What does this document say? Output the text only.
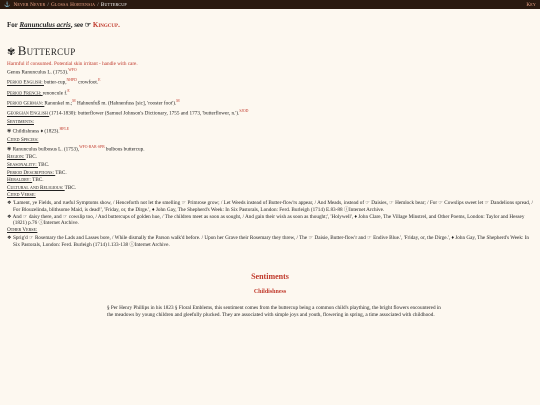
⚓ Never Never / Glossa Hortensia / Buttercup	Key
For Ranunculus acris, see ☞ Kingcup.
✾ Buttercup
Harmful if consumed. Potential skin irritant - handle with care.
Genus Ranunculus L. (1753).$^{WFO}$
Period English: butter-cup,$^{NHPD}$ crowfoot.$^E$
Period French: renoncule f.$^E$
Period German: Ranunkel m.;$^M$ Hahnenfuß m. (Hahnenfuss [sic], 'rooster foot').$^M$
Georgian English (1714-1830): butterflower (Samuel Johnson's Dictionary, 1755 and 1773, 'butterflower, n.').$^{SJOD}$
Sentiments:
✾ Childishness ♦ (1823).$^{HFLE}$
Cited Species:
✾ Ranunculus bulbosus L. (1753),$^{WFO\cdot BAB\cdot SPB}$ bulbous buttercup.
Region: TBC.
Seasonality: TBC.
Period Descriptions: TBC.
Heraldry: TBC.
Cultural and Religious: TBC.
Cited Verse:
❖ 'Lament, ye Fields, and rueful Symptoms show, / Henceforth not let the smelling ☞ Primrose grow; / Let Weeds instead of Butter-flow'rs appear, / And Meads, instead of ☞ Daisies, ☞ Hemlock bear; / For ☞ Cowslips sweet let ☞ Dandelions spread, / For Blouzelinda, blithsome Maid, is dead!', 'Friday, or, the Dirge.', ♦ John Gay, The Shepherd's Week: In Six Pastorals, London: Ferd. Burleigh (1714) E.83-88 ⓘInternet Archive.
❖ And ☞ daisy there, and ☞ cowslip too, / And buttercups of golden hue, / The children meet as soon as sought, / And gain their wish as soon as thought;', 'Holywell', ♦ John Clare, The Village Minstrel, and Other Poems, London: Taylor and Hessey (1821) p.76 ⓘInternet Archive.
Other Verse:
❖ Sprig'd ☞ Rosemary the Lads and Lasses bore, / While dismally the Parson walk'd before. / Upon her Grave their Rosemary they threw, / The ☞ Daisie, Butter-flow'r and ☞ Endive Blue.', 'Friday, or, the Dirge.', ♦ John Gay, The Shepherd's Week: In Six Pastorals, London: Ferd. Burleigh (1714) l.133-138 ⓘInternet Archive.
Sentiments
Childishness
§ Per Henry Phillips in his 1823 § Floral Emblems, this sentiment comes from the buttercup being a common child's plaything, the bright flowers encountered in the meadows by young children and gleefully plucked. They are associated with simple joys and youth, flowering in spring, a time associated with childhood.
